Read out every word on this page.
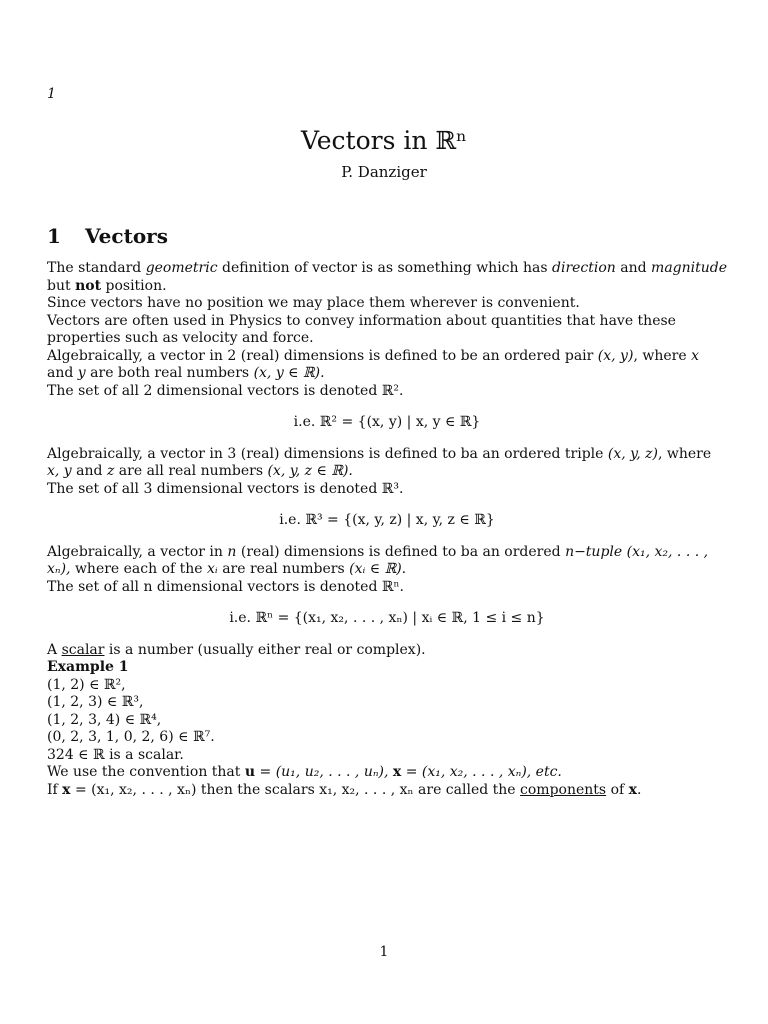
1
Vectors in ℝⁿ
P. Danziger
1 Vectors

The standard geometric definition of vector is as something which has direction and magnitude but not position.

Since vectors have no position we may place them wherever is convenient.

Vectors are often used in Physics to convey information about quantities that have these properties such as velocity and force.

Algebraically, a vector in 2 (real) dimensions is defined to be an ordered pair (x, y), where x and y are both real numbers (x, y ∈ ℝ).

The set of all 2 dimensional vectors is denoted ℝ².

i.e. ℝ² = {(x, y) | x, y ∈ ℝ}

Algebraically, a vector in 3 (real) dimensions is defined to ba an ordered triple (x, y, z), where x, y and z are all real numbers (x, y, z ∈ ℝ).

The set of all 3 dimensional vectors is denoted ℝ³.

i.e. ℝ³ = {(x, y, z) | x, y, z ∈ ℝ}

Algebraically, a vector in n (real) dimensions is defined to ba an ordered n−tuple (x₁, x₂, . . . , xₙ), where each of the xᵢ are real numbers (xᵢ ∈ ℝ).

The set of all n dimensional vectors is denoted ℝⁿ.

i.e. ℝⁿ = {(x₁, x₂, . . . , xₙ) | xᵢ ∈ ℝ, 1 ≤ i ≤ n}

A scalar is a number (usually either real or complex).

Example 1

(1, 2) ∈ ℝ²,

(1, 2, 3) ∈ ℝ³,

(1, 2, 3, 4) ∈ ℝ⁴,

(0, 2, 3, 1, 0, 2, 6) ∈ ℝ⁷.

324 ∈ ℝ is a scalar.

We use the convention that u = (u₁, u₂, . . . , uₙ), x = (x₁, x₂, . . . , xₙ), etc.

If x = (x₁, x₂, . . . , xₙ) then the scalars x₁, x₂, . . . , xₙ are called the components of x.

1
